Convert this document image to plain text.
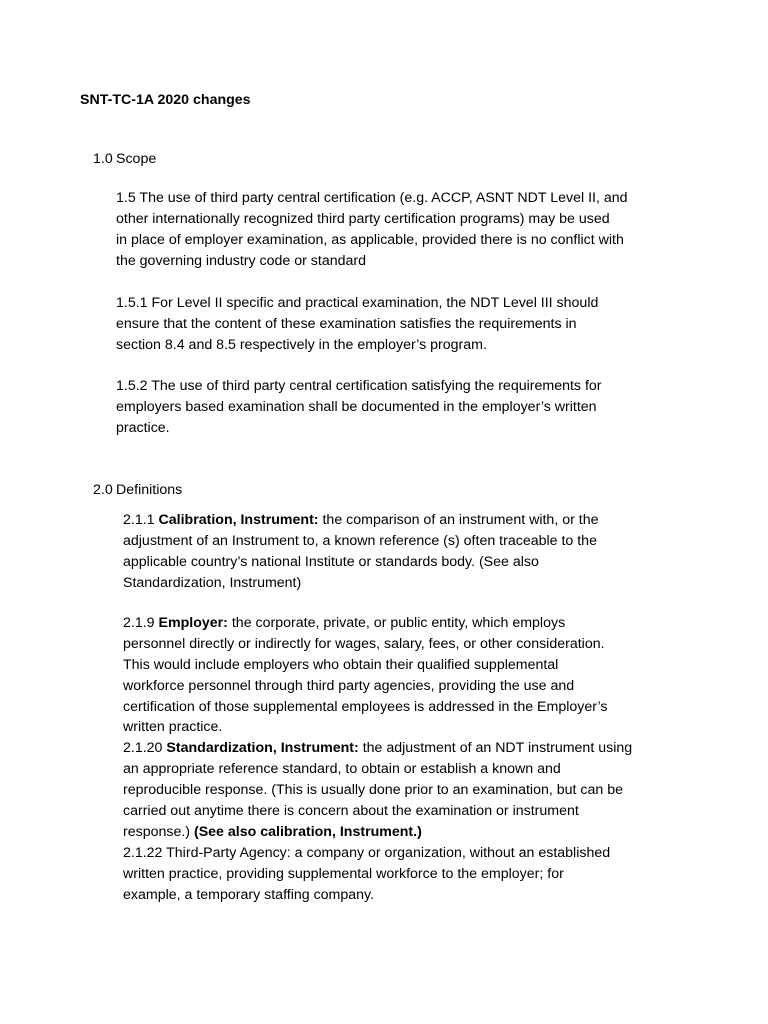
SNT-TC-1A 2020 changes
1.0 Scope
1.5 The use of third party central certification (e.g. ACCP, ASNT NDT Level II, and
other internationally recognized third party certification programs) may be used
in place of employer examination, as applicable, provided there is no conflict with
the governing industry code or standard
1.5.1 For Level II specific and practical examination, the NDT Level III should
ensure that the content of these examination satisfies the requirements in
section 8.4 and 8.5 respectively in the employer’s program.
1.5.2 The use of third party central certification satisfying the requirements for
employers based examination shall be documented in the employer’s written
practice.
2.0 Definitions
2.1.1 Calibration, Instrument: the comparison of an instrument with, or the
adjustment of an Instrument to, a known reference (s) often traceable to the
applicable country’s national Institute or standards body. (See also
Standardization, Instrument)
2.1.9 Employer: the corporate, private, or public entity, which employs
personnel directly or indirectly for wages, salary, fees, or other consideration.
This would include employers who obtain their qualified supplemental
workforce personnel through third party agencies, providing the use and
certification of those supplemental employees is addressed in the Employer’s
written practice.
2.1.20 Standardization, Instrument: the adjustment of an NDT instrument using
an appropriate reference standard, to obtain or establish a known and
reproducible response. (This is usually done prior to an examination, but can be
carried out anytime there is concern about the examination or instrument
response.) (See also calibration, Instrument.)
2.1.22 Third-Party Agency: a company or organization, without an established
written practice, providing supplemental workforce to the employer; for
example, a temporary staffing company.
